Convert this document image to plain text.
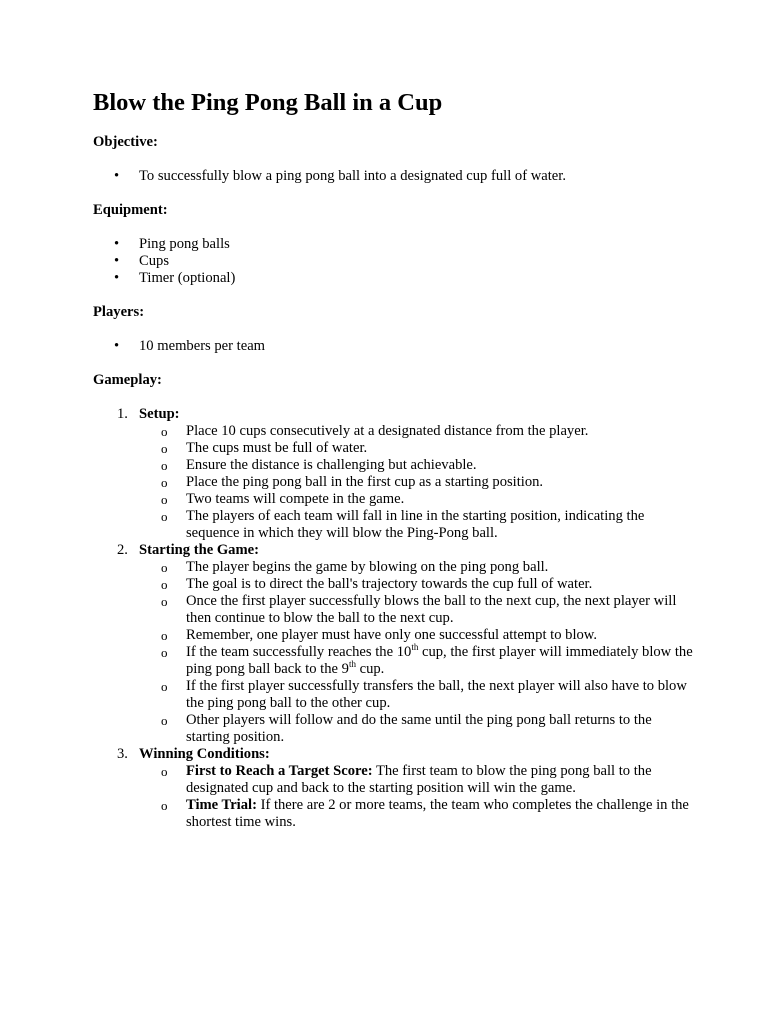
Blow the Ping Pong Ball in a Cup
Objective:
• To successfully blow a ping pong ball into a designated cup full of water.
Equipment:
• Ping pong balls
• Cups
• Timer (optional)
Players:
• 10 members per team
Gameplay:
1. Setup:
o Place 10 cups consecutively at a designated distance from the player.
o The cups must be full of water.
o Ensure the distance is challenging but achievable.
o Place the ping pong ball in the first cup as a starting position.
o Two teams will compete in the game.
o The players of each team will fall in line in the starting position, indicating the sequence in which they will blow the Ping-Pong ball.
2. Starting the Game:
o The player begins the game by blowing on the ping pong ball.
o The goal is to direct the ball's trajectory towards the cup full of water.
o Once the first player successfully blows the ball to the next cup, the next player will then continue to blow the ball to the next cup.
o Remember, one player must have only one successful attempt to blow.
o If the team successfully reaches the 10th cup, the first player will immediately blow the ping pong ball back to the 9th cup.
o If the first player successfully transfers the ball, the next player will also have to blow the ping pong ball to the other cup.
o Other players will follow and do the same until the ping pong ball returns to the starting position.
3. Winning Conditions:
o First to Reach a Target Score: The first team to blow the ping pong ball to the designated cup and back to the starting position will win the game.
o Time Trial: If there are 2 or more teams, the team who completes the challenge in the shortest time wins.
